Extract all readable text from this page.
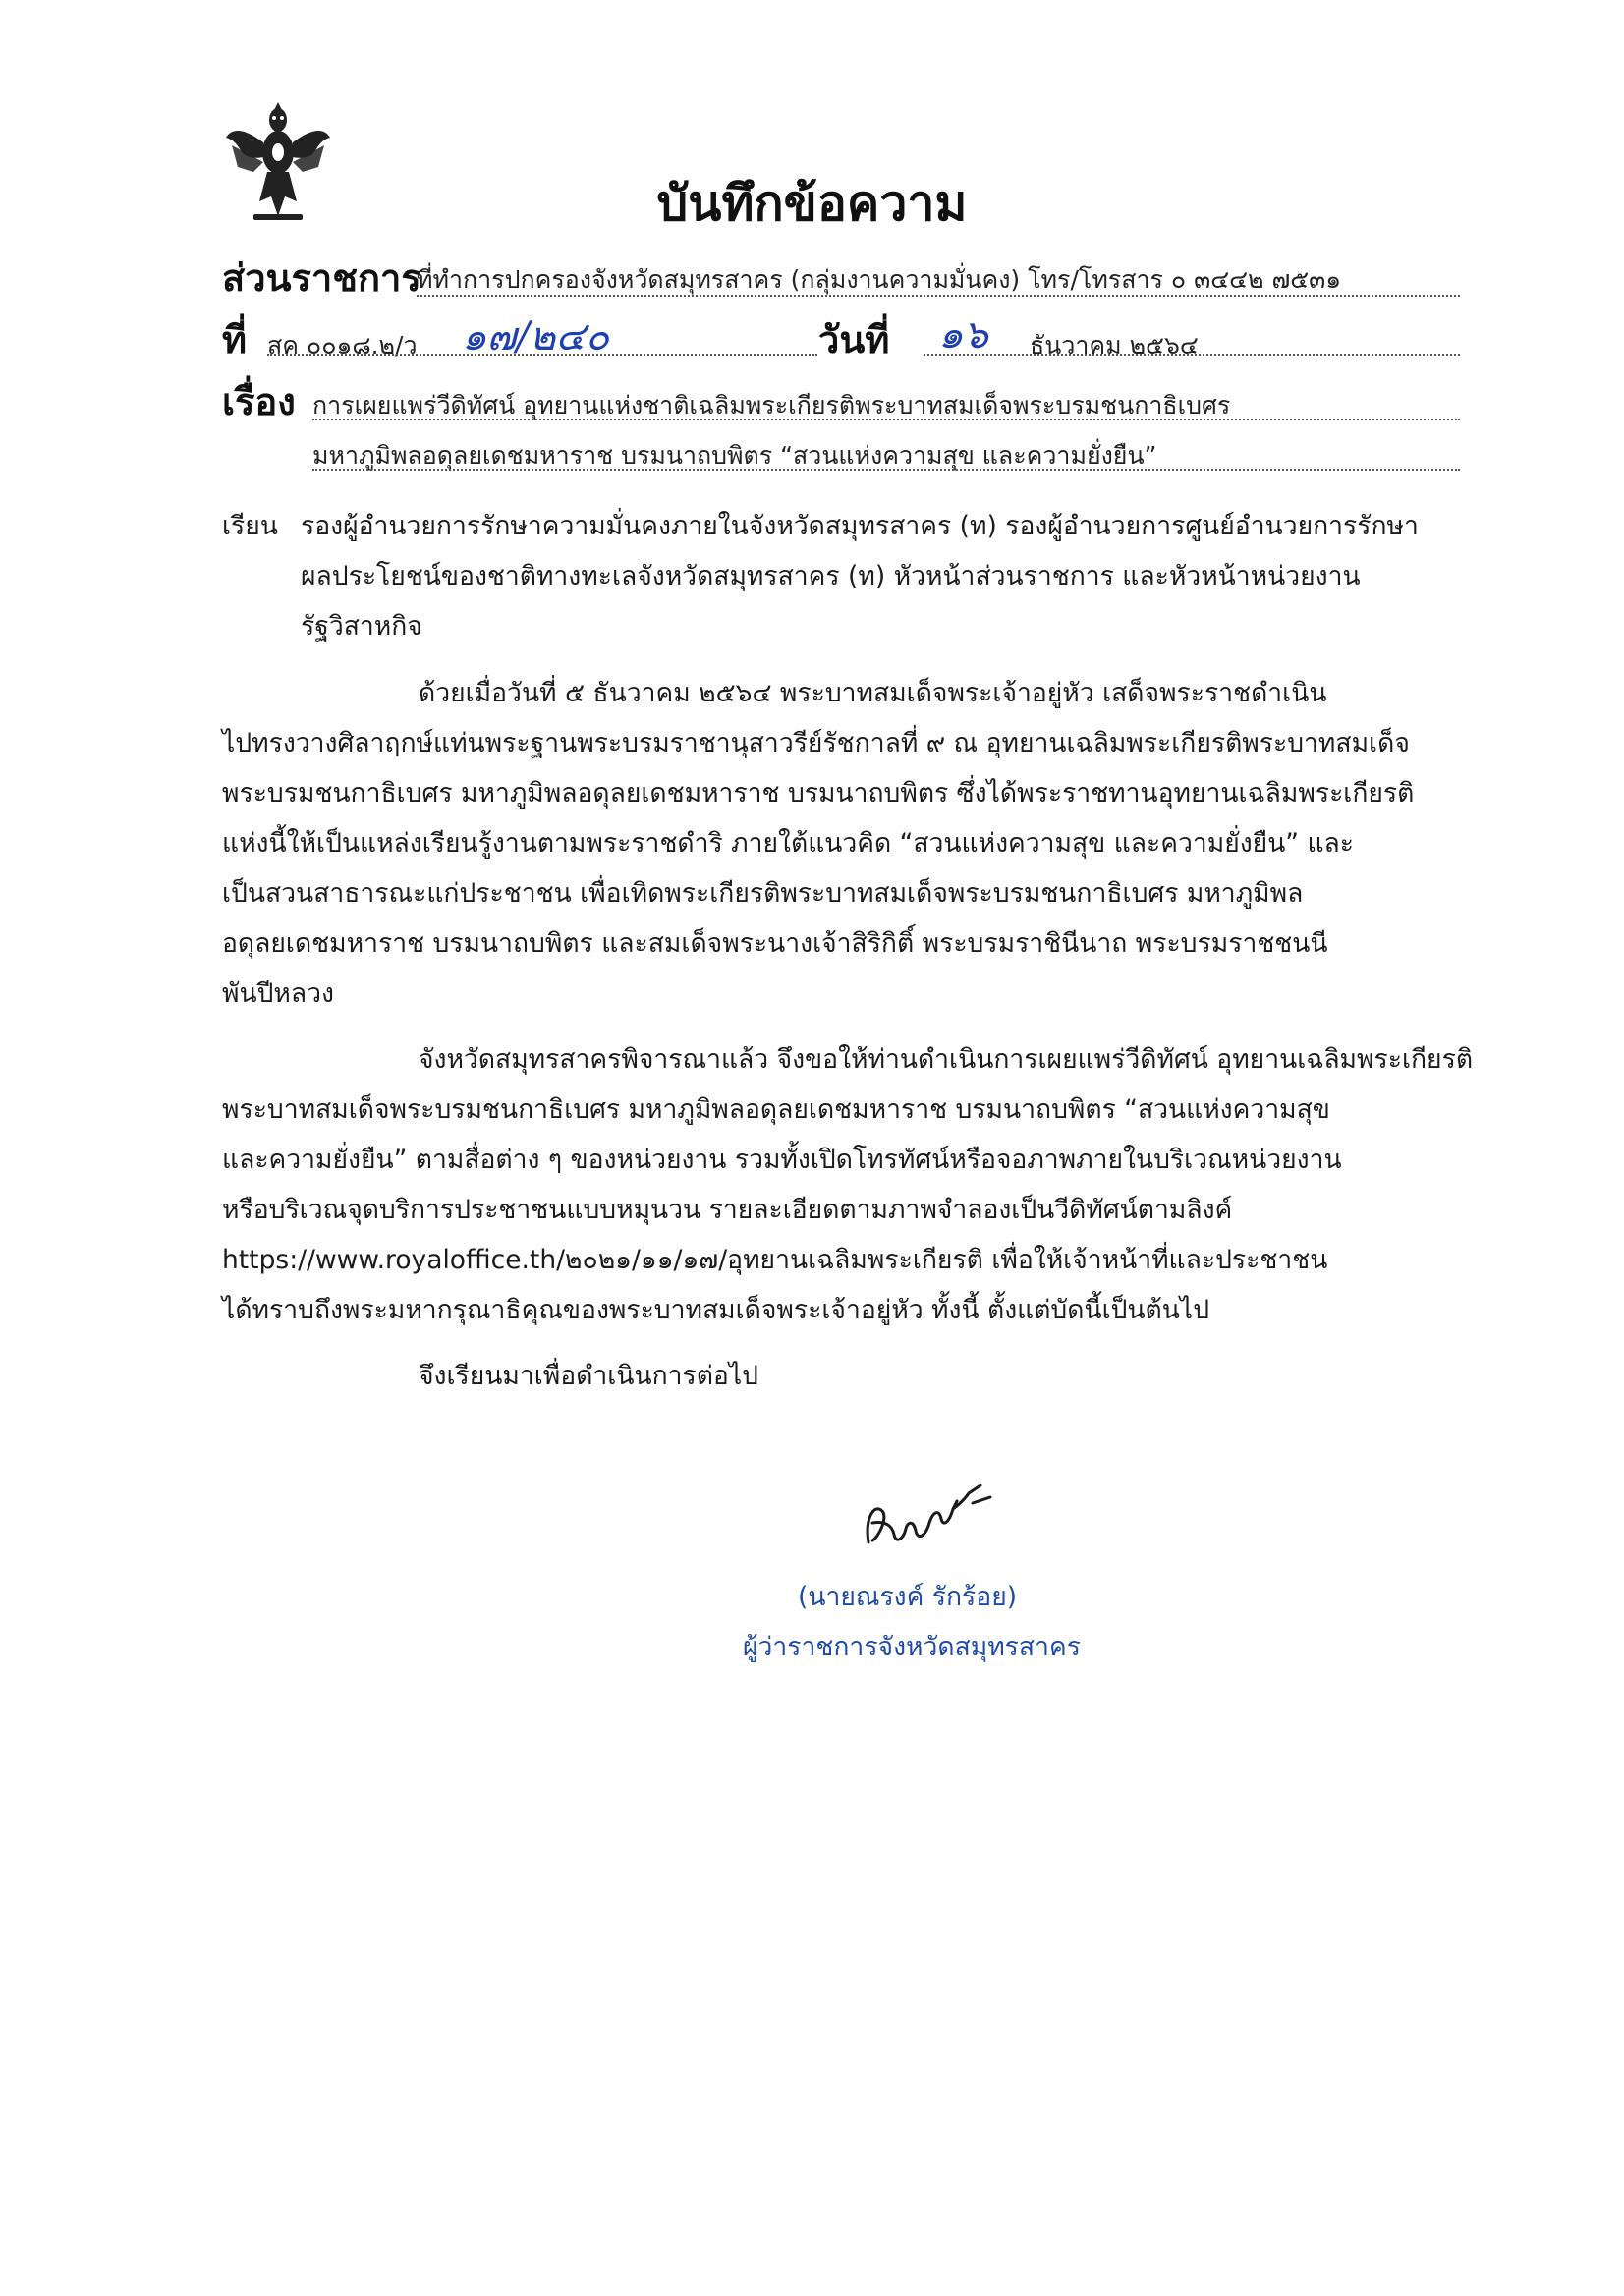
บันทึกข้อความ
ส่วนราชการ
ที่ทำการปกครองจังหวัดสมุทรสาคร (กลุ่มงานความมั่นคง) โทร/โทรสาร ๐ ๓๔๔๒ ๗๕๓๑
ที่ สค ๐๐๑๘.๒/ว ๑๗/๒๔๐	วันที่ ๑๖ ธันวาคม ๒๕๖๔
เรื่อง การเผยแพร่วีดิทัศน์ อุทยานแห่งชาติเฉลิมพระเกียรติพระบาทสมเด็จพระบรมชนกาธิเบศร
มหาภูมิพลอดุลยเดชมหาราช บรมนาถบพิตร “สวนแห่งความสุข และความยั่งยืน”
เรียน รองผู้อำนวยการรักษาความมั่นคงภายในจังหวัดสมุทรสาคร (ท) รองผู้อำนวยการศูนย์อำนวยการรักษา
ผลประโยชน์ของชาติทางทะเลจังหวัดสมุทรสาคร (ท) หัวหน้าส่วนราชการ และหัวหน้าหน่วยงาน
รัฐวิสาหกิจ
ด้วยเมื่อวันที่ ๕ ธันวาคม ๒๕๖๔ พระบาทสมเด็จพระเจ้าอยู่หัว เสด็จพระราชดำเนิน
ไปทรงวางศิลาฤกษ์แท่นพระฐานพระบรมราชานุสาวรีย์รัชกาลที่ ๙ ณ อุทยานเฉลิมพระเกียรติพระบาทสมเด็จ
พระบรมชนกาธิเบศร มหาภูมิพลอดุลยเดชมหาราช บรมนาถบพิตร ซึ่งได้พระราชทานอุทยานเฉลิมพระเกียรติ
แห่งนี้ให้เป็นแหล่งเรียนรู้งานตามพระราชดำริ ภายใต้แนวคิด “สวนแห่งความสุข และความยั่งยืน” และ
เป็นสวนสาธารณะแก่ประชาชน เพื่อเทิดพระเกียรติพระบาทสมเด็จพระบรมชนกาธิเบศร มหาภูมิพล
อดุลยเดชมหาราช บรมนาถบพิตร และสมเด็จพระนางเจ้าสิริกิติ์ พระบรมราชินีนาถ พระบรมราชชนนี
พันปีหลวง
จังหวัดสมุทรสาครพิจารณาแล้ว จึงขอให้ท่านดำเนินการเผยแพร่วีดิทัศน์ อุทยานเฉลิมพระเกียรติ
พระบาทสมเด็จพระบรมชนกาธิเบศร มหาภูมิพลอดุลยเดชมหาราช บรมนาถบพิตร “สวนแห่งความสุข
และความยั่งยืน” ตามสื่อต่าง ๆ ของหน่วยงาน รวมทั้งเปิดโทรทัศน์หรือจอภาพภายในบริเวณหน่วยงาน
หรือบริเวณจุดบริการประชาชนแบบหมุนวน รายละเอียดตามภาพจำลองเป็นวีดิทัศน์ตามลิงค์
https://www.royaloffice.th/๒๐๒๑/๑๑/๑๗/อุทยานเฉลิมพระเกียรติ เพื่อให้เจ้าหน้าที่และประชาชน
ได้ทราบถึงพระมหากรุณาธิคุณของพระบาทสมเด็จพระเจ้าอยู่หัว ทั้งนี้ ตั้งแต่บัดนี้เป็นต้นไป
จึงเรียนมาเพื่อดำเนินการต่อไป
(นายณรงค์ รักร้อย)
ผู้ว่าราชการจังหวัดสมุทรสาคร
